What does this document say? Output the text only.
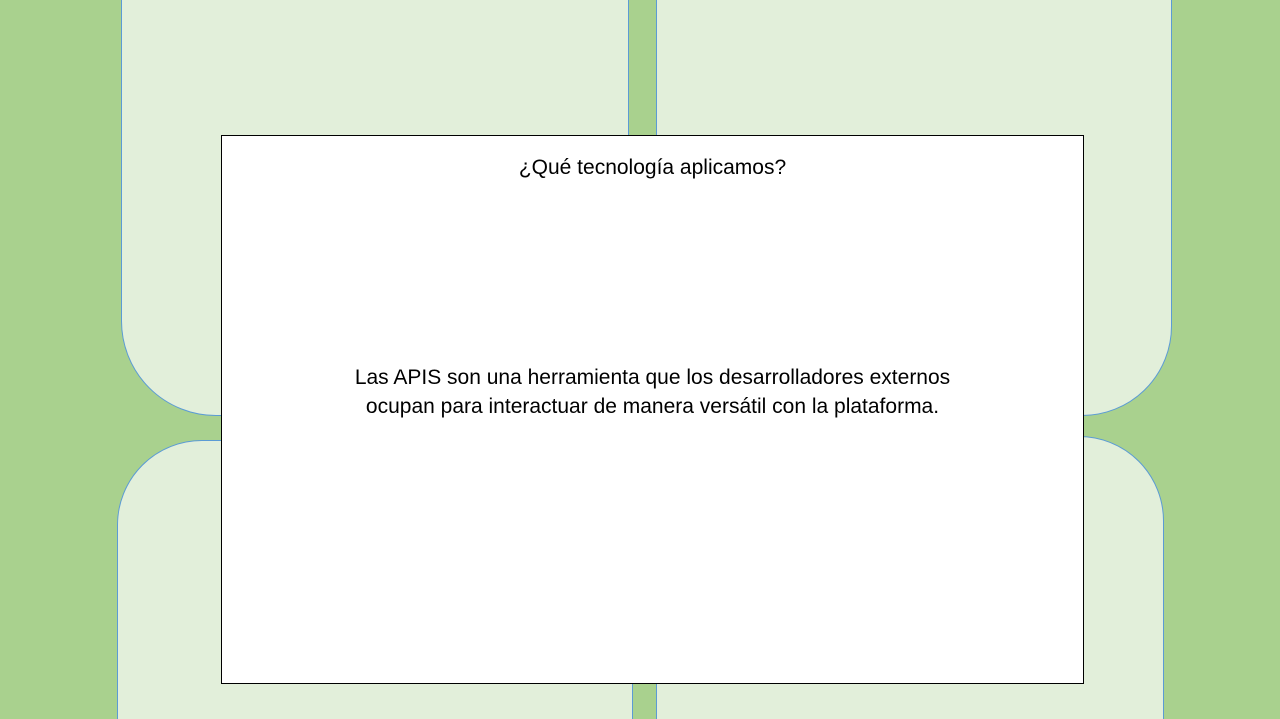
¿Qué tecnología aplicamos?

Las APIS son una herramienta que los desarrolladores externos
ocupan para interactuar de manera versátil con la plataforma.
